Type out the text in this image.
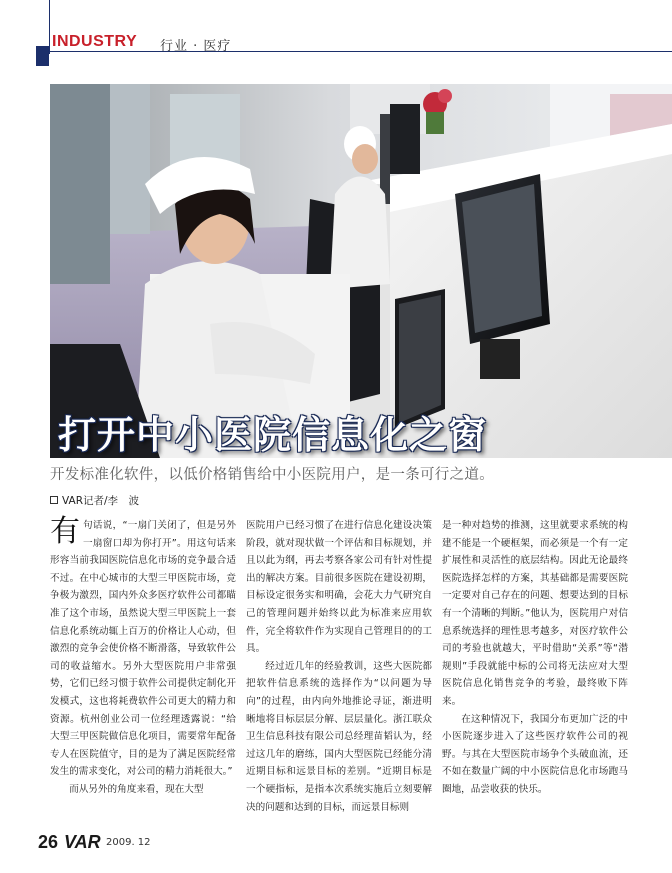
INDUSTRY 行业 · 医疗
打开中小医院信息化之窗
开发标准化软件，以低价格销售给中小医院用户，是一条可行之道。
VAR记者/李　波

有句话说，“一扇门关闭了，但是另外一扇窗口却为你打开”。用这句话来形容当前我国医院信息化市场的竞争最合适不过。在中心城市的大型三甲医院市场，竞争极为激烈，国内外众多医疗软件公司都瞄准了这个市场，虽然说大型三甲医院上一套信息化系统动辄上百万的价格让人心动，但激烈的竞争会使价格不断滑落，导致软件公司的收益缩水。另外大型医院用户非常强势，它们已经习惯于软件公司提供定制化开发模式，这也将耗费软件公司更大的精力和资源。杭州创业公司一位经理透露说：“给大型三甲医院做信息化项目，需要常年配备专人在医院值守，目的是为了满足医院经常发生的需求变化，对公司的精力消耗很大。”

而从另外的角度来看，现在大型

医院用户已经习惯了在进行信息化建设决策阶段，就对现状做一个评估和目标规划，并且以此为纲，再去考察各家公司有针对性提出的解决方案。目前很多医院在建设初期，目标设定很务实和明确，会花大力气研究自己的管理问题并始终以此为标准来应用软件，完全将软件作为实现自己管理目的的工具。

经过近几年的经验教训，这些大医院都把软件信息系统的选择作为“以问题为导向”的过程，由内向外地推论寻证，渐进明晰地将目标层层分解、层层量化。浙江联众卫生信息科技有限公司总经理苗韬认为，经过这几年的磨练，国内大型医院已经能分清近期目标和远景目标的差别。“近期目标是一个硬指标，是指本次系统实施后立刻要解决的问题和达到的目标，而远景目标则

是一种对趋势的推测，这里就要求系统的构建不能是一个硬框架，而必须是一个有一定扩展性和灵活性的底层结构。因此无论最终医院选择怎样的方案，其基础都是需要医院一定要对自己存在的问题、想要达到的目标有一个清晰的判断。”他认为，医院用户对信息系统选择的理性思考越多，对医疗软件公司的考验也就越大，平时借助“关系”等“潜规则”手段就能中标的公司将无法应对大型医院信息化销售竞争的考验，最终败下阵来。

在这种情况下，我国分布更加广泛的中小医院逐步进入了这些医疗软件公司的视野。与其在大型医院市场争个头破血流，还不如在数量广阔的中小医院信息化市场跑马圈地，品尝收获的快乐。

26 VAR 2009. 12
